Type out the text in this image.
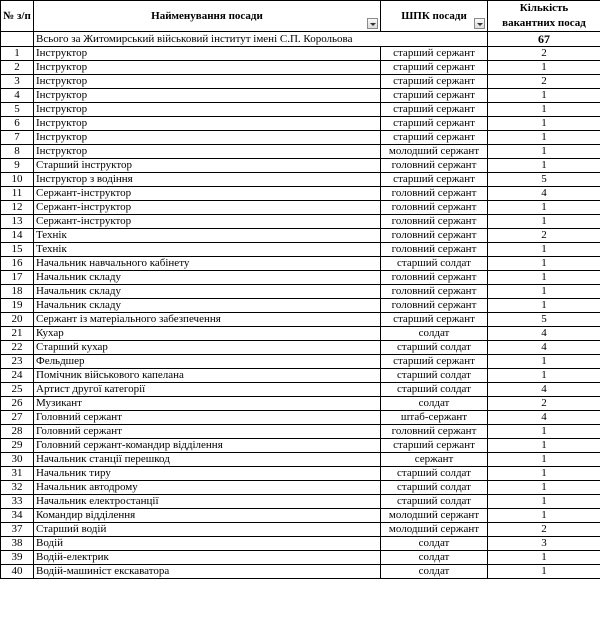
№ з/п	Найменування посади	ШПК посади	Кількість вакантних посад
	Всього за Житомирський військовий інститут імені С.П. Корольова		67
1	Інструктор	старший сержант	2
2	Інструктор	старший сержант	1
3	Інструктор	старший сержант	2
4	Інструктор	старший сержант	1
5	Інструктор	старший сержант	1
6	Інструктор	старший сержант	1
7	Інструктор	старший сержант	1
8	Інструктор	молодший сержант	1
9	Старший інструктор	головний сержант	1
10	Інструктор з водіння	старший сержант	5
11	Сержант-інструктор	головний сержант	4
12	Сержант-інструктор	головний сержант	1
13	Сержант-інструктор	головний сержант	1
14	Технік	головний сержант	2
15	Технік	головний сержант	1
16	Начальник навчального кабінету	старший солдат	1
17	Начальник складу	головний сержант	1
18	Начальник складу	головний сержант	1
19	Начальник складу	головний сержант	1
20	Сержант із матеріального забезпечення	старший сержант	5
21	Кухар	солдат	4
22	Старший кухар	старший солдат	4
23	Фельдшер	старший сержант	1
24	Помічник військового капелана	старший солдат	1
25	Артист другої категорії	старший солдат	4
26	Музикант	солдат	2
27	Головний сержант	штаб-сержант	4
28	Головний сержант	головний сержант	1
29	Головний сержант-командир відділення	старший сержант	1
30	Начальник станції перешкод	сержант	1
31	Начальник тиру	старший солдат	1
32	Начальник автодрому	старший солдат	1
33	Начальник електростанції	старший солдат	1
34	Командир відділення	молодший сержант	1
37	Старший водій	молодший сержант	2
38	Водій	солдат	3
39	Водій-електрик	солдат	1
40	Водій-машиніст екскаватора	солдат	1
